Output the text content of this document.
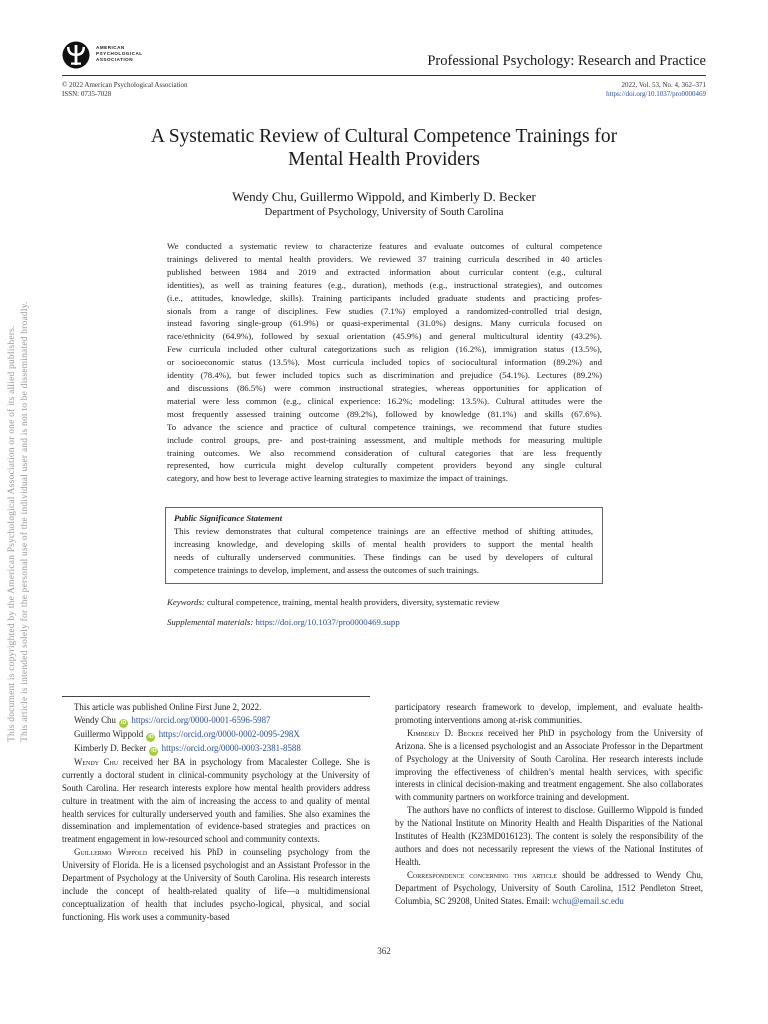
AMERICAN
PSYCHOLOGICAL
ASSOCIATION	Professional Psychology: Research and Practice
© 2022 American Psychological Association
ISSN: 0735-7028
2022, Vol. 53, No. 4, 362–371
https://doi.org/10.1037/pro0000469
A Systematic Review of Cultural Competence Trainings for
Mental Health Providers
Wendy Chu, Guillermo Wippold, and Kimberly D. Becker
Department of Psychology, University of South Carolina
We conducted a systematic review to characterize features and evaluate outcomes of cultural competence
trainings delivered to mental health providers. We reviewed 37 training curricula described in 40 articles
published between 1984 and 2019 and extracted information about curricular content (e.g., cultural
identities), as well as training features (e.g., duration), methods (e.g., instructional strategies), and outcomes
(i.e., attitudes, knowledge, skills). Training participants included graduate students and practicing profes-
sionals from a range of disciplines. Few studies (7.1%) employed a randomized-controlled trial design,
instead favoring single-group (61.9%) or quasi-experimental (31.0%) designs. Many curricula focused on
race/ethnicity (64.9%), followed by sexual orientation (45.9%) and general multicultural identity (43.2%).
Few curricula included other cultural categorizations such as religion (16.2%), immigration status (13.5%),
or socioeconomic status (13.5%). Most curricula included topics of sociocultural information (89.2%) and
identity (78.4%), but fewer included topics such as discrimination and prejudice (54.1%). Lectures (89.2%)
and discussions (86.5%) were common instructional strategies, whereas opportunities for application of
material were less common (e.g., clinical experience: 16.2%; modeling: 13.5%). Cultural attitudes were the
most frequently assessed training outcome (89.2%), followed by knowledge (81.1%) and skills (67.6%).
To advance the science and practice of cultural competence trainings, we recommend that future studies
include control groups, pre- and post-training assessment, and multiple methods for measuring multiple
training outcomes. We also recommend consideration of cultural categories that are less frequently
represented, how curricula might develop culturally competent providers beyond any single cultural
category, and how best to leverage active learning strategies to maximize the impact of trainings.
Public Significance Statement
This review demonstrates that cultural competence trainings are an effective method of shifting attitudes,
increasing knowledge, and developing skills of mental health providers to support the mental health
needs of culturally underserved communities. These findings can be used by developers of cultural
competence trainings to develop, implement, and assess the outcomes of such trainings.
Keywords: cultural competence, training, mental health providers, diversity, systematic review
Supplemental materials: https://doi.org/10.1037/pro0000469.supp
This document is copyrighted by the American Psychological Association or one of its allied publishers. This article is intended solely for the personal use of the individual user and is not to be disseminated broadly.	This article was published Online First June 2, 2022.

Wendy Chu iD https://orcid.org/0000-0001-6596-5987

Guillermo Wippold iD https://orcid.org/0000-0002-0095-298X

Kimberly D. Becker iD https://orcid.org/0000-0003-2381-8588

Wendy Chu received her BA in psychology from Macalester College. She is currently a doctoral student in clinical-community psychology at the University of South Carolina. Her research interests explore how mental health providers address culture in treatment with the aim of increasing the access to and quality of mental health services for culturally underserved youth and families. She also examines the dissemination and implementation of evidence-based strategies and practices on treatment engagement in low-resourced school and community contexts.

Guillermo Wippold received his PhD in counseling psychology from the University of Florida. He is a licensed psychologist and an Assistant Professor in the Department of Psychology at the University of South Carolina. His research interests include the concept of health-related quality of life—a multidimensional conceptualization of health that includes psycho-logical, physical, and social functioning. His work uses a community-based

participatory research framework to develop, implement, and evaluate health-promoting interventions among at-risk communities.

Kimberly D. Becker received her PhD in psychology from the University of Arizona. She is a licensed psychologist and an Associate Professor in the Department of Psychology at the University of South Carolina. Her research interests include improving the effectiveness of children’s mental health services, with specific interests in clinical decision-making and treatment engagement. She also collaborates with community partners on workforce training and development.

The authors have no conflicts of interest to disclose. Guillermo Wippold is funded by the National Institute on Minority Health and Health Disparities of the National Institutes of Health (K23MD016123). The content is solely the responsibility of the authors and does not necessarily represent the views of the National Institutes of Health.

Correspondence concerning this article should be addressed to Wendy Chu, Department of Psychology, University of South Carolina, 1512 Pendleton Street, Columbia, SC 29208, United States. Email: wchu@email.sc.edu

362
